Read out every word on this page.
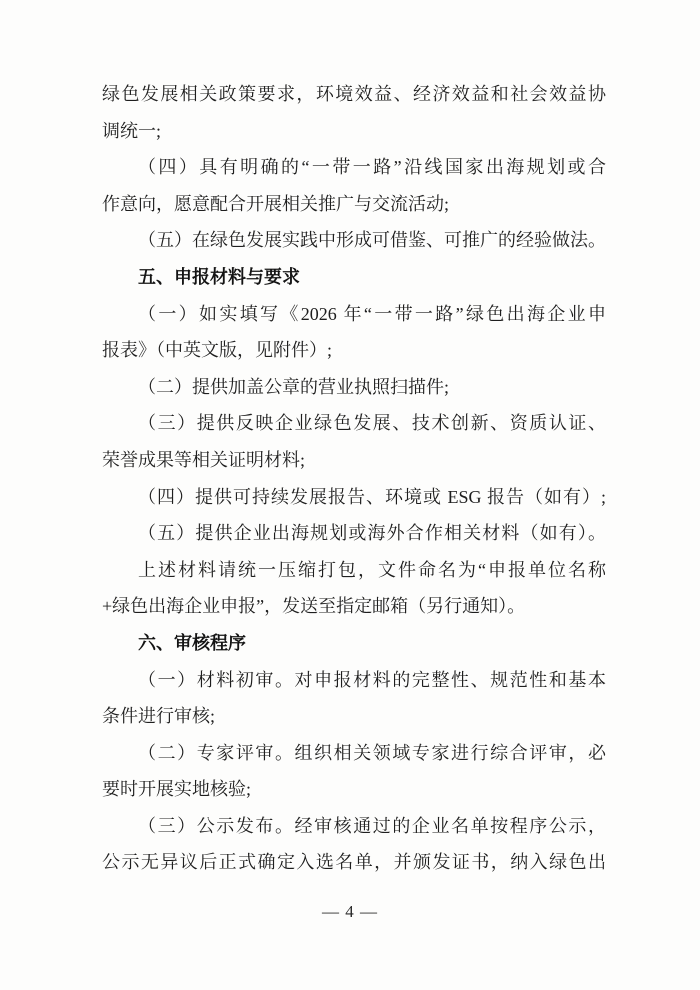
绿色发展相关政策要求，环境效益、经济效益和社会效益协
调统一;
（四）具有明确的“一带一路”沿线国家出海规划或合
作意向，愿意配合开展相关推广与交流活动;
（五）在绿色发展实践中形成可借鉴、可推广的经验做法。
五、申报材料与要求
（一）如实填写《2026 年“一带一路”绿色出海企业申
报表》（中英文版，见附件）;
（二）提供加盖公章的营业执照扫描件;
（三）提供反映企业绿色发展、技术创新、资质认证、
荣誉成果等相关证明材料;
（四）提供可持续发展报告、环境或 ESG 报告（如有）;
（五）提供企业出海规划或海外合作相关材料（如有）。
上述材料请统一压缩打包，文件命名为“申报单位名称
+绿色出海企业申报”，发送至指定邮箱（另行通知）。
六、审核程序
（一）材料初审。对申报材料的完整性、规范性和基本
条件进行审核;
（二）专家评审。组织相关领域专家进行综合评审，必
要时开展实地核验;
（三）公示发布。经审核通过的企业名单按程序公示，
公示无异议后正式确定入选名单，并颁发证书，纳入绿色出
— 4 —
